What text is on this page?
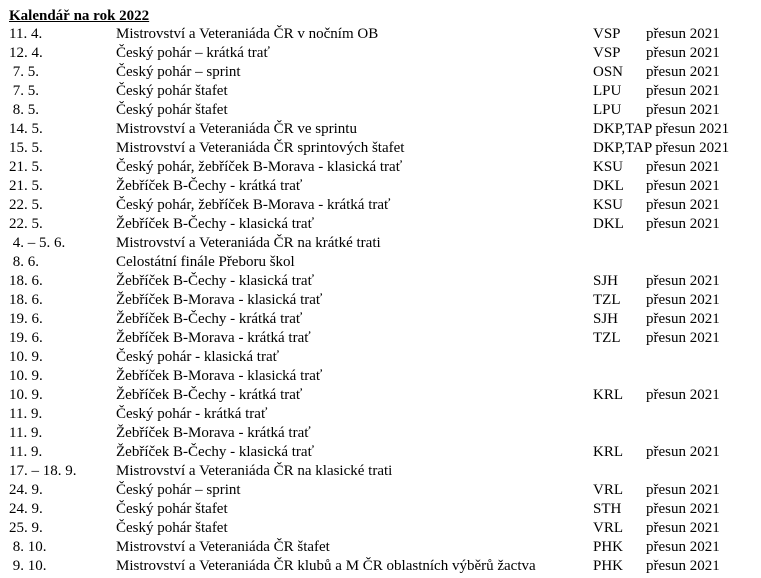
Kalendář na rok 2022
11. 4.	Mistrovství a Veteraniáda ČR v nočním OB	VSP přesun 2021
12. 4.	Český pohár – krátká trať	VSP přesun 2021
7. 5.	Český pohár – sprint	OSN přesun 2021
7. 5.	Český pohár štafet	LPU přesun 2021
8. 5.	Český pohár štafet	LPU přesun 2021
14. 5.	Mistrovství a Veteraniáda ČR ve sprintu	DKP,TAP přesun 2021
15. 5.	Mistrovství a Veteraniáda ČR sprintových štafet	DKP,TAP přesun 2021
21. 5.	Český pohár, žebříček B-Morava - klasická trať	KSU přesun 2021
21. 5.	Žebříček B-Čechy - krátká trať	DKL přesun 2021
22. 5.	Český pohár, žebříček B-Morava - krátká trať	KSU přesun 2021
22. 5.	Žebříček B-Čechy - klasická trať	DKL přesun 2021
4. – 5. 6.	Mistrovství a Veteraniáda ČR na krátké trati
8. 6.	Celostátní finále Přeboru škol
18. 6.	Žebříček B-Čechy - klasická trať	SJH přesun 2021
18. 6.	Žebříček B-Morava - klasická trať	TZL přesun 2021
19. 6.	Žebříček B-Čechy - krátká trať	SJH přesun 2021
19. 6.	Žebříček B-Morava - krátká trať	TZL přesun 2021
10. 9.	Český pohár - klasická trať
10. 9.	Žebříček B-Morava - klasická trať
10. 9.	Žebříček B-Čechy - krátká trať	KRL přesun 2021
11. 9.	Český pohár - krátká trať
11. 9.	Žebříček B-Morava - krátká trať
11. 9.	Žebříček B-Čechy - klasická trať	KRL přesun 2021
17. – 18. 9.	Mistrovství a Veteraniáda ČR na klasické trati
24. 9.	Český pohár – sprint	VRL přesun 2021
24. 9.	Český pohár štafet	STH přesun 2021
25. 9.	Český pohár štafet	VRL přesun 2021
8. 10.	Mistrovství a Veteraniáda ČR štafet	PHK přesun 2021
9. 10.	Mistrovství a Veteraniáda ČR klubů a M ČR oblastních výběrů žactva	PHK přesun 2021
